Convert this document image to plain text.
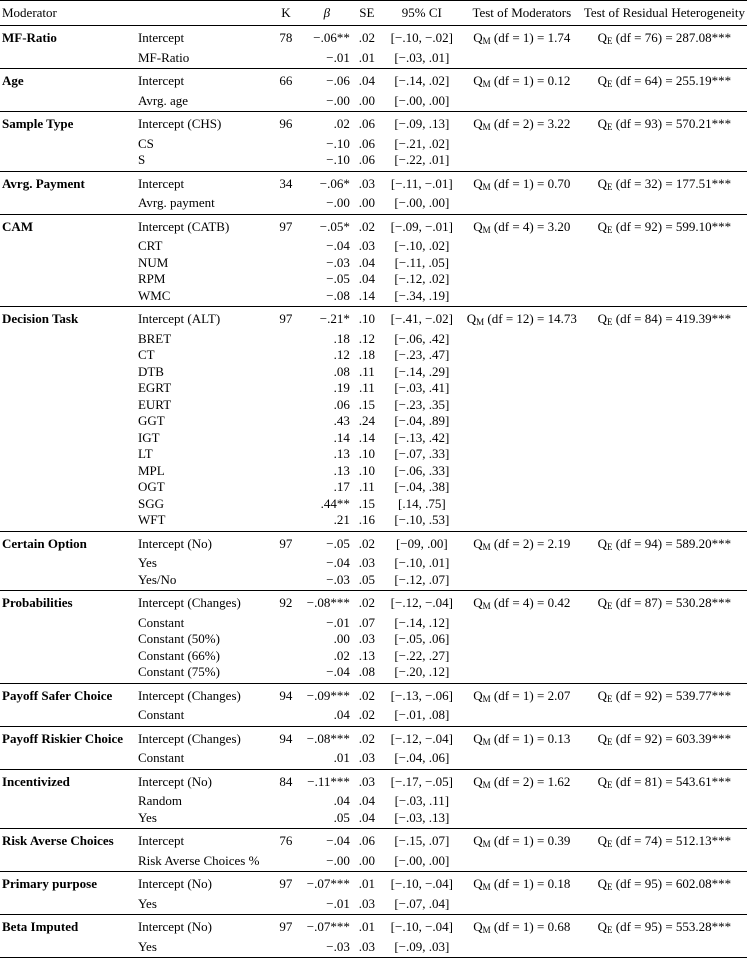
Moderator		K	β	SE	95% CI	Test of Moderators	Test of Residual Heterogeneity
MF-Ratio	Intercept	78	−.06**	.02	[−.10, −.02]	$Q_M$ (df = 1) = 1.74	$Q_E$ (df = 76) = 287.08***
	MF-Ratio		−.01	.01	[−.03, .01]		
Age	Intercept	66	−.06	.04	[−.14, .02]	$Q_M$ (df = 1) = 0.12	$Q_E$ (df = 64) = 255.19***
	Avrg. age		−.00	.00	[−.00, .00]		
Sample Type	Intercept (CHS)	96	.02	.06	[−.09, .13]	$Q_M$ (df = 2) = 3.22	$Q_E$ (df = 93) = 570.21***
	CS		−.10	.06	[−.21, .02]		
	S		−.10	.06	[−.22, .01]		
Avrg. Payment	Intercept	34	−.06*	.03	[−.11, −.01]	$Q_M$ (df = 1) = 0.70	$Q_E$ (df = 32) = 177.51***
	Avrg. payment		−.00	.00	[−.00, .00]		
CAM	Intercept (CATB)	97	−.05*	.02	[−.09, −.01]	$Q_M$ (df = 4) = 3.20	$Q_E$ (df = 92) = 599.10***
	CRT		−.04	.03	[−.10, .02]		
	NUM		−.03	.04	[−.11, .05]		
	RPM		−.05	.04	[−.12, .02]		
	WMC		−.08	.14	[−.34, .19]		
Decision Task	Intercept (ALT)	97	−.21*	.10	[−.41, −.02]	$Q_M$ (df = 12) = 14.73	$Q_E$ (df = 84) = 419.39***
	BRET		.18	.12	[−.06, .42]		
	CT		.12	.18	[−.23, .47]		
	DTB		.08	.11	[−.14, .29]		
	EGRT		.19	.11	[−.03, .41]		
	EURT		.06	.15	[−.23, .35]		
	GGT		.43	.24	[−.04, .89]		
	IGT		.14	.14	[−.13, .42]		
	LT		.13	.10	[−.07, .33]		
	MPL		.13	.10	[−.06, .33]		
	OGT		.17	.11	[−.04, .38]		
	SGG		.44**	.15	[.14, .75]		
	WFT		.21	.16	[−.10, .53]		
Certain Option	Intercept (No)	97	−.05	.02	[−09, .00]	$Q_M$ (df = 2) = 2.19	$Q_E$ (df = 94) = 589.20***
	Yes		−.04	.03	[−.10, .01]		
	Yes/No		−.03	.05	[−.12, .07]		
Probabilities	Intercept (Changes)	92	−.08***	.02	[−.12, −.04]	$Q_M$ (df = 4) = 0.42	$Q_E$ (df = 87) = 530.28***
	Constant		−.01	.07	[−.14, .12]		
	Constant (50%)		.00	.03	[−.05, .06]		
	Constant (66%)		.02	.13	[−.22, .27]		
	Constant (75%)		−.04	.08	[−.20, .12]		
Payoff Safer Choice	Intercept (Changes)	94	−.09***	.02	[−.13, −.06]	$Q_M$ (df = 1) = 2.07	$Q_E$ (df = 92) = 539.77***
	Constant		.04	.02	[−.01, .08]		
Payoff Riskier Choice	Intercept (Changes)	94	−.08***	.02	[−.12, −.04]	$Q_M$ (df = 1) = 0.13	$Q_E$ (df = 92) = 603.39***
	Constant		.01	.03	[−.04, .06]		
Incentivized	Intercept (No)	84	−.11***	.03	[−.17, −.05]	$Q_M$ (df = 2) = 1.62	$Q_E$ (df = 81) = 543.61***
	Random		.04	.04	[−.03, .11]		
	Yes		.05	.04	[−.03, .13]		
Risk Averse Choices	Intercept	76	−.04	.06	[−.15, .07]	$Q_M$ (df = 1) = 0.39	$Q_E$ (df = 74) = 512.13***
	Risk Averse Choices %		−.00	.00	[−.00, .00]		
Primary purpose	Intercept (No)	97	−.07***	.01	[−.10, −.04]	$Q_M$ (df = 1) = 0.18	$Q_E$ (df = 95) = 602.08***
	Yes		−.01	.03	[−.07, .04]		
Beta Imputed	Intercept (No)	97	−.07***	.01	[−.10, −.04]	$Q_M$ (df = 1) = 0.68	$Q_E$ (df = 95) = 553.28***
	Yes		−.03	.03	[−.09, .03]		
